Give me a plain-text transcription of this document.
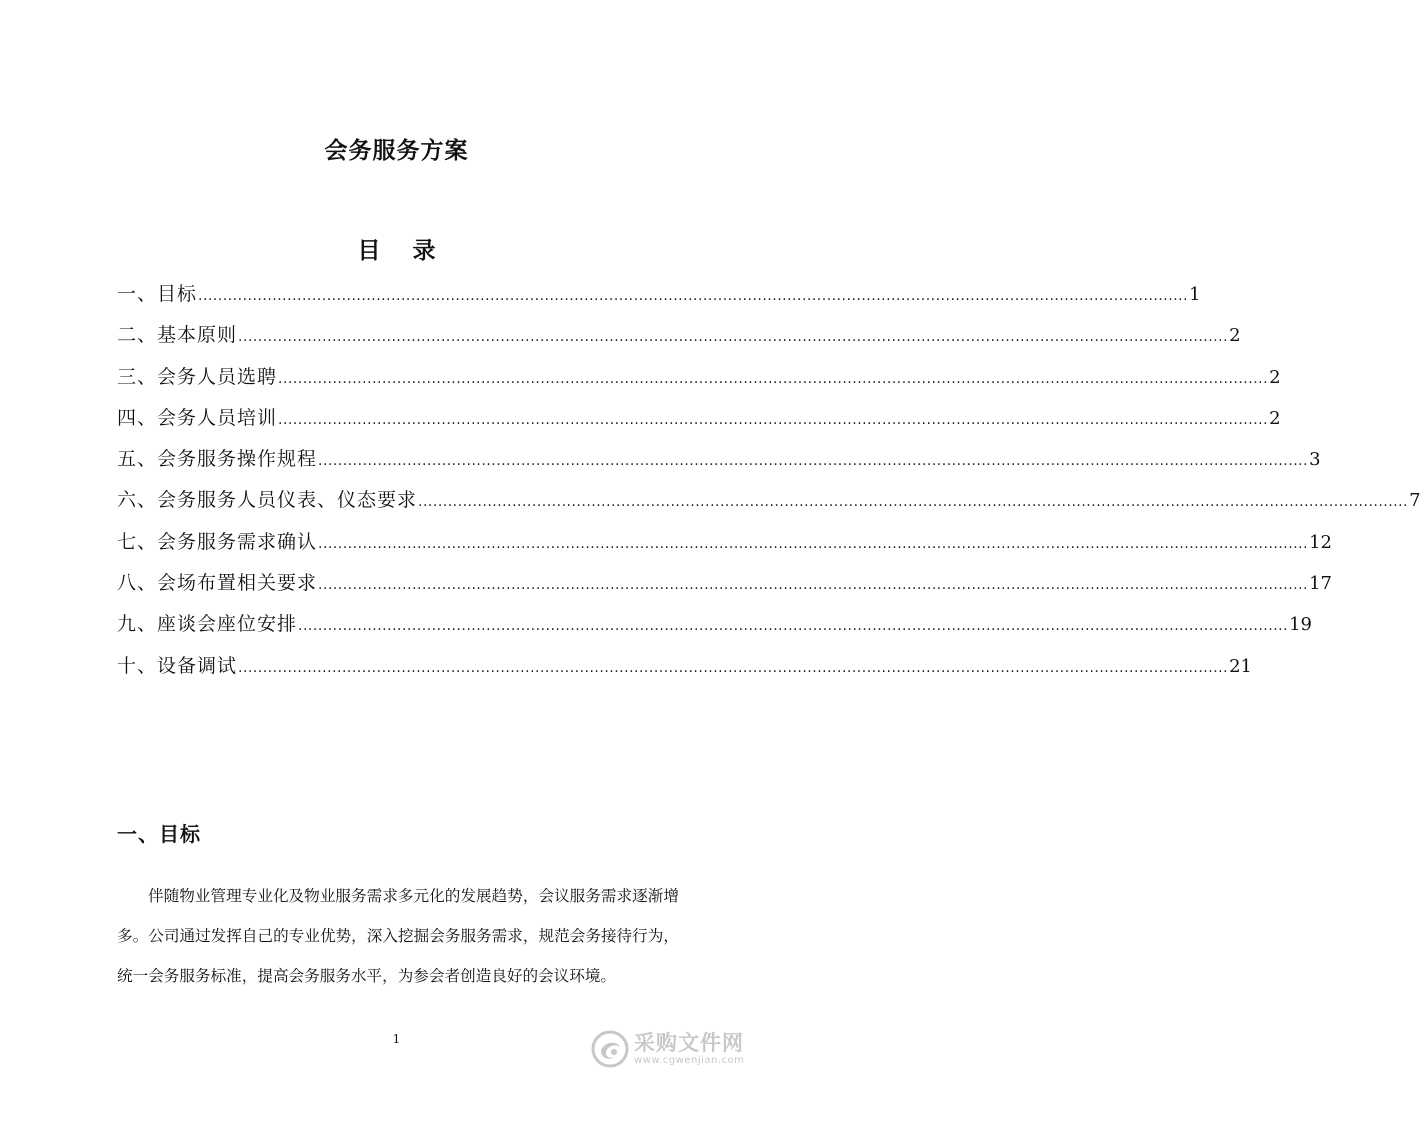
会务服务方案
目 录
一、目标 ........................................................................................................................................................................................................ 1
二、基本原则 ........................................................................................................................................................................................................ 2
三、会务人员选聘 ........................................................................................................................................................................................................ 2
四、会务人员培训 ........................................................................................................................................................................................................ 2
五、会务服务操作规程 ........................................................................................................................................................................................................ 3
六、会务服务人员仪表、仪态要求 ........................................................................................................................................................................................................ 7
七、会务服务需求确认 ........................................................................................................................................................................................................ 12
八、会场布置相关要求 ........................................................................................................................................................................................................ 17
九、座谈会座位安排 ........................................................................................................................................................................................................ 19
十、设备调试 ........................................................................................................................................................................................................ 21
一、目标
伴随物业管理专业化及物业服务需求多元化的发展趋势，会议服务需求逐渐增多。公司通过发挥自己的专业优势，深入挖掘会务服务需求，规范会务接待行为，统一会务服务标准，提高会务服务水平，为参会者创造良好的会议环境。
1	采购文件网
www.cgwenjian.com
